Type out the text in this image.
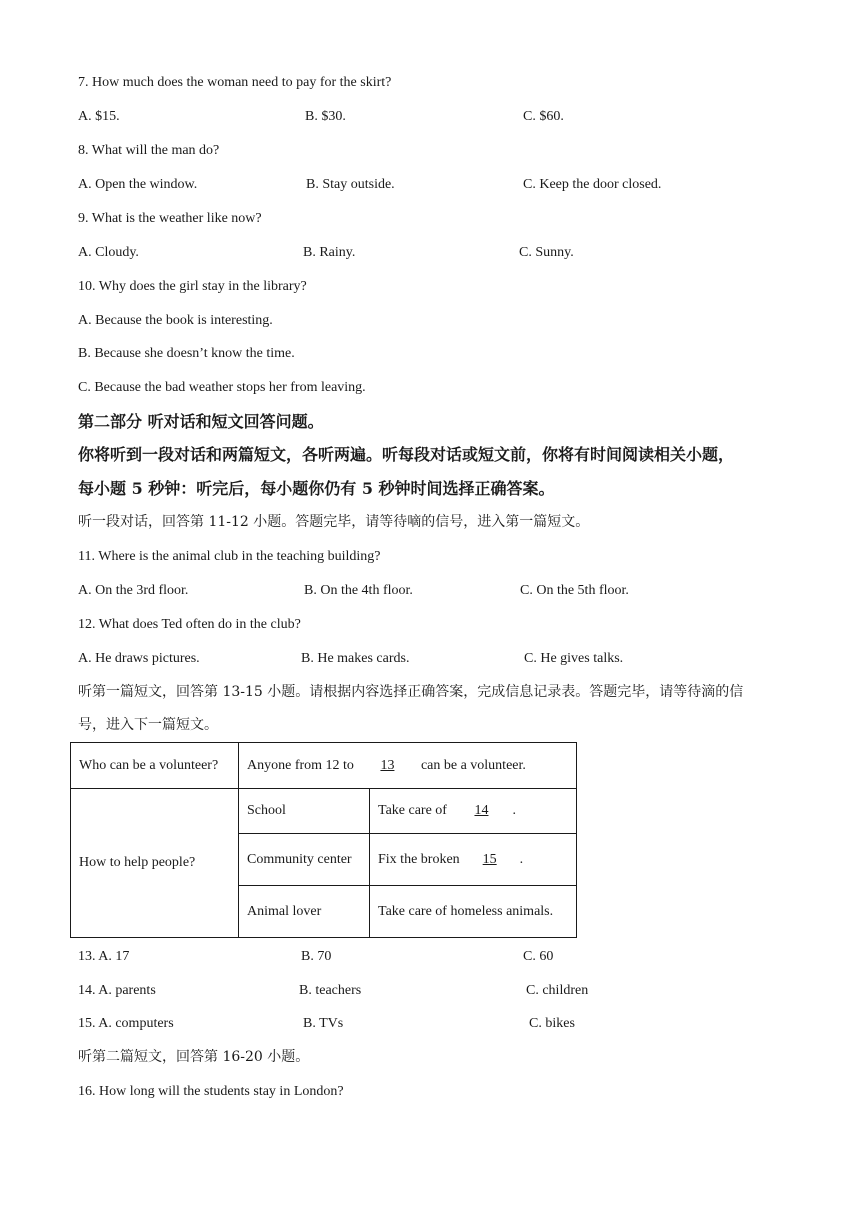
7. How much does the woman need to pay for the skirt?
A. $15.	B. $30.	C. $60.
8. What will the man do?
A. Open the window.	B. Stay outside.	C. Keep the door closed.
9. What is the weather like now?
A. Cloudy.	B. Rainy.	C. Sunny.
10. Why does the girl stay in the library?
A. Because the book is interesting.
B. Because she doesn’t know the time.
C. Because the bad weather stops her from leaving.
第二部分 听对话和短文回答问题。
你将听到一段对话和两篇短文，各听两遍。听每段对话或短文前，你将有时间阅读相关小题，
每小题 5 秒钟：听完后，每小题你仍有 5 秒钟时间选择正确答案。
听一段对话，回答第 11-12 小题。答题完毕，请等待嘀的信号，进入第一篇短文。
11. Where is the animal club in the teaching building?
A. On the 3rd floor.	B. On the 4th floor.	C. On the 5th floor.
12. What does Ted often do in the club?
A. He draws pictures.	B. He makes cards.	C. He gives talks.
听第一篇短文，回答第 13-15 小题。请根据内容选择正确答案，完成信息记录表。答题完毕，请等待滴的信
号，进入下一篇短文。
Who can be a volunteer?	Anyone from 12 to 13 can be a volunteer.	
How to help people?	School	Take care of 14 .
	Community center	Fix the broken 15 .
	Animal lover	Take care of homeless animals.
13. A. 17	B. 70	C. 60
14. A. parents	B. teachers	C. children
15. A. computers	B. TVs	C. bikes
听第二篇短文，回答第 16-20 小题。
16. How long will the students stay in London?
